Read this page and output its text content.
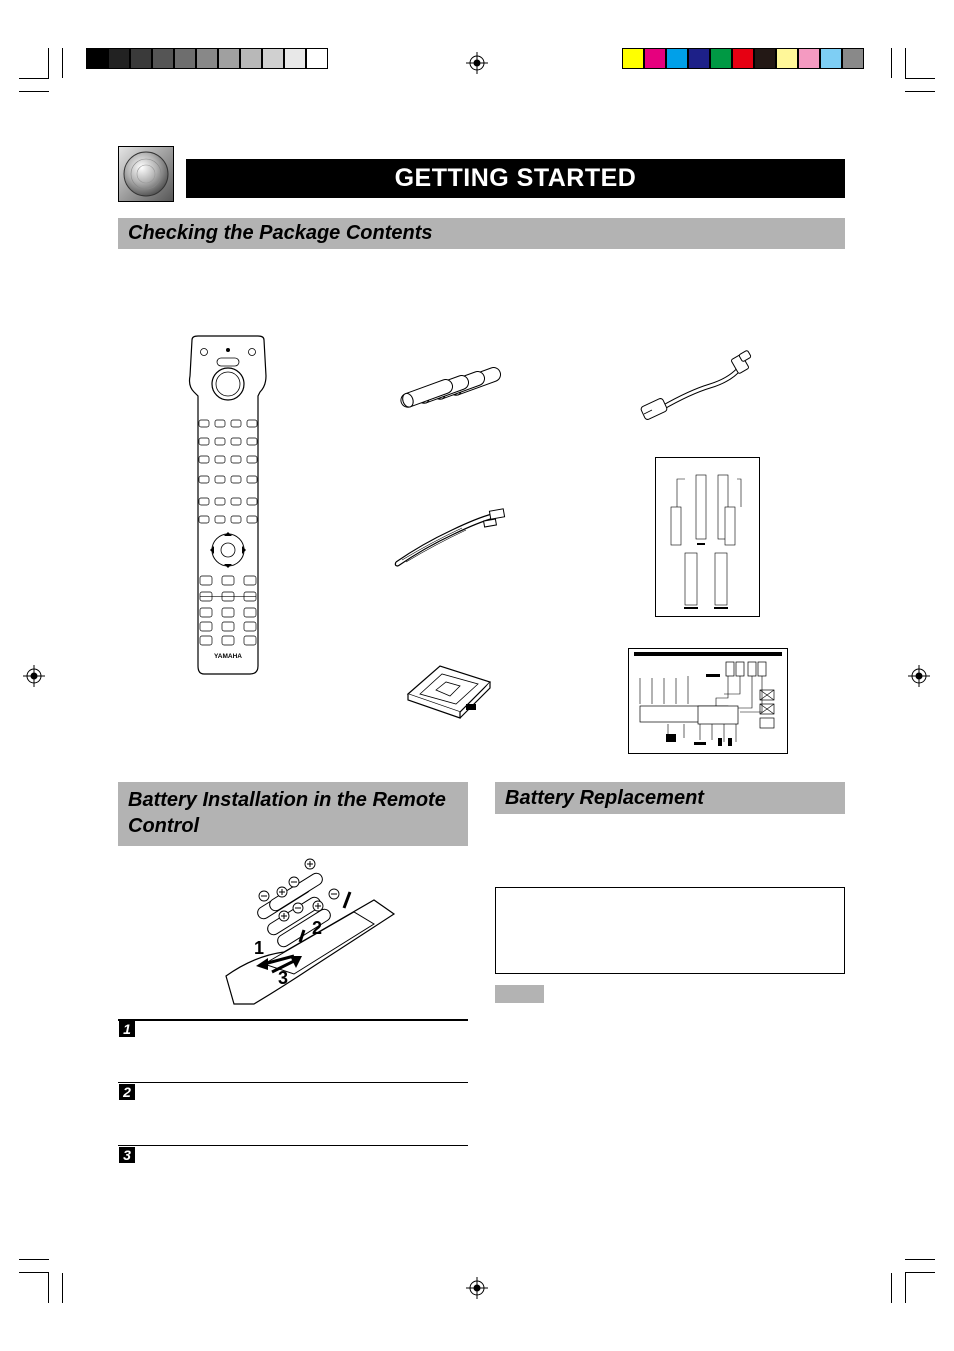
GETTING STARTED
Checking the Package Contents
YAMAHA
Battery Installation in the Remote Control
Battery Replacement
1
2
3
1
2
3
